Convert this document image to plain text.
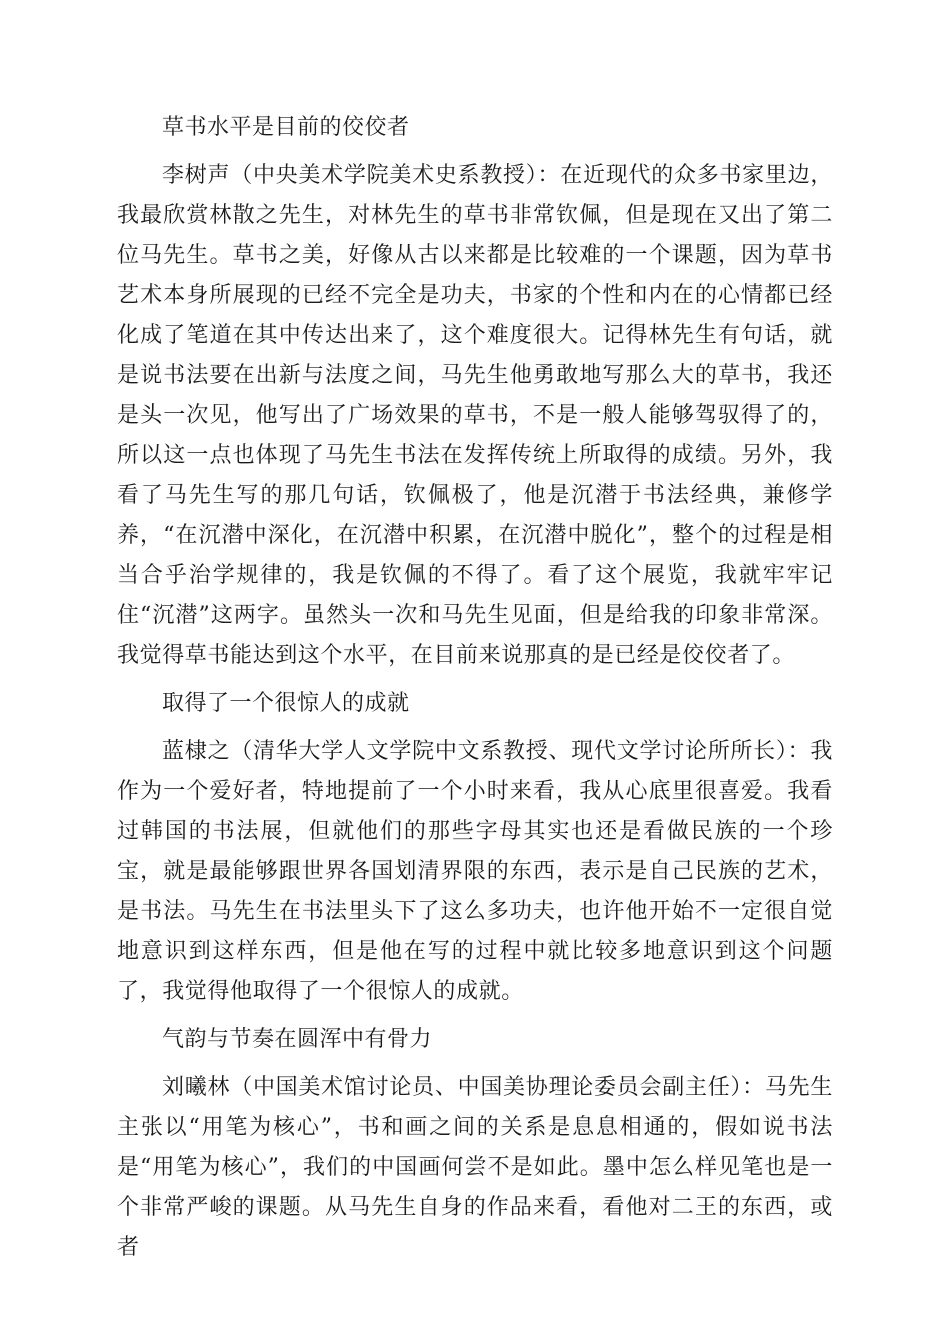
草书水平是目前的佼佼者

李树声（中央美术学院美术史系教授）：在近现代的众多书家里边，我最欣赏林散之先生，对林先生的草书非常钦佩，但是现在又出了第二位马先生。草书之美，好像从古以来都是比较难的一个课题，因为草书艺术本身所展现的已经不完全是功夫，书家的个性和内在的心情都已经化成了笔道在其中传达出来了，这个难度很大。记得林先生有句话，就是说书法要在出新与法度之间，马先生他勇敢地写那么大的草书，我还是头一次见，他写出了广场效果的草书，不是一般人能够驾驭得了的，所以这一点也体现了马先生书法在发挥传统上所取得的成绩。另外，我看了马先生写的那几句话，钦佩极了，他是沉潜于书法经典，兼修学养，“在沉潜中深化，在沉潜中积累，在沉潜中脱化”，整个的过程是相当合乎治学规律的，我是钦佩的不得了。看了这个展览，我就牢牢记住“沉潜”这两字。虽然头一次和马先生见面，但是给我的印象非常深。我觉得草书能达到这个水平，在目前来说那真的是已经是佼佼者了。

取得了一个很惊人的成就

蓝棣之（清华大学人文学院中文系教授、现代文学讨论所所长）：我作为一个爱好者，特地提前了一个小时来看，我从心底里很喜爱。我看过韩国的书法展，但就他们的那些字母其实也还是看做民族的一个珍宝，就是最能够跟世界各国划清界限的东西，表示是自己民族的艺术，是书法。马先生在书法里头下了这么多功夫，也许他开始不一定很自觉地意识到这样东西，但是他在写的过程中就比较多地意识到这个问题了，我觉得他取得了一个很惊人的成就。

气韵与节奏在圆浑中有骨力

刘曦林（中国美术馆讨论员、中国美协理论委员会副主任）：马先生主张以“用笔为核心”，书和画之间的关系是息息相通的，假如说书法是“用笔为核心”，我们的中国画何尝不是如此。墨中怎么样见笔也是一个非常严峻的课题。从马先生自身的作品来看，看他对二王的东西，或者
